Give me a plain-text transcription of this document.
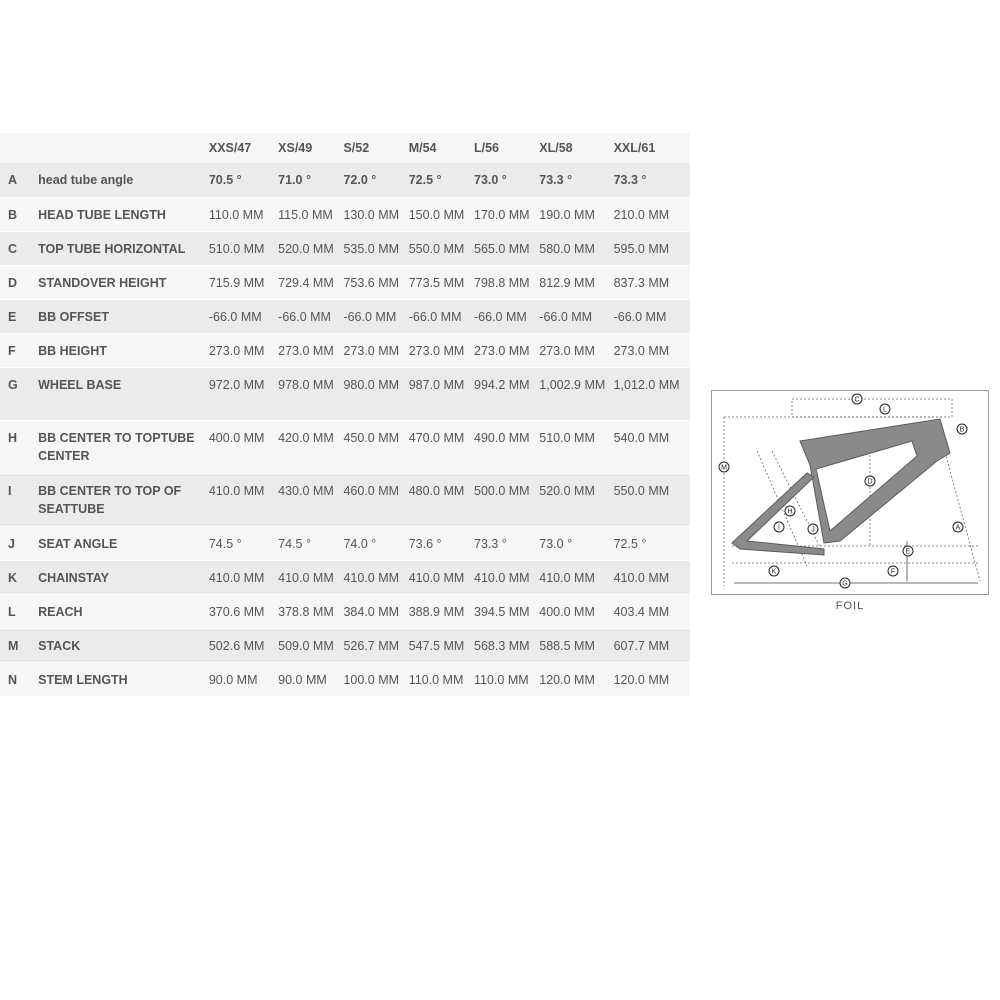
		XXS/47	XS/49	S/52	M/54	L/56	XL/58	XXL/61
A	head tube angle	70.5 °	71.0 °	72.0 °	72.5 °	73.0 °	73.3 °	73.3 °
B	HEAD TUBE LENGTH	110.0 MM	115.0 MM	130.0 MM	150.0 MM	170.0 MM	190.0 MM	210.0 MM
C	TOP TUBE HORIZONTAL	510.0 MM	520.0 MM	535.0 MM	550.0 MM	565.0 MM	580.0 MM	595.0 MM
D	STANDOVER HEIGHT	715.9 MM	729.4 MM	753.6 MM	773.5 MM	798.8 MM	812.9 MM	837.3 MM
E	BB OFFSET	-66.0 MM	-66.0 MM	-66.0 MM	-66.0 MM	-66.0 MM	-66.0 MM	-66.0 MM
F	BB HEIGHT	273.0 MM	273.0 MM	273.0 MM	273.0 MM	273.0 MM	273.0 MM	273.0 MM
G	WHEEL BASE	972.0 MM	978.0 MM	980.0 MM	987.0 MM	994.2 MM	1,002.9 MM	1,012.0 MM
H	BB CENTER TO TOPTUBE CENTER	400.0 MM	420.0 MM	450.0 MM	470.0 MM	490.0 MM	510.0 MM	540.0 MM
I	BB CENTER TO TOP OF SEATTUBE	410.0 MM	430.0 MM	460.0 MM	480.0 MM	500.0 MM	520.0 MM	550.0 MM
J	SEAT ANGLE	74.5 °	74.5 °	74.0 °	73.6 °	73.3 °	73.0 °	72.5 °
K	CHAINSTAY	410.0 MM	410.0 MM	410.0 MM	410.0 MM	410.0 MM	410.0 MM	410.0 MM
L	REACH	370.6 MM	378.8 MM	384.0 MM	388.9 MM	394.5 MM	400.0 MM	403.4 MM
M	STACK	502.6 MM	509.0 MM	526.7 MM	547.5 MM	568.3 MM	588.5 MM	607.7 MM
N	STEM LENGTH	90.0 MM	90.0 MM	100.0 MM	110.0 MM	110.0 MM	120.0 MM	120.0 MM
C
L
B
M
D
H
I	J	A
E
F
K
G
FOIL
